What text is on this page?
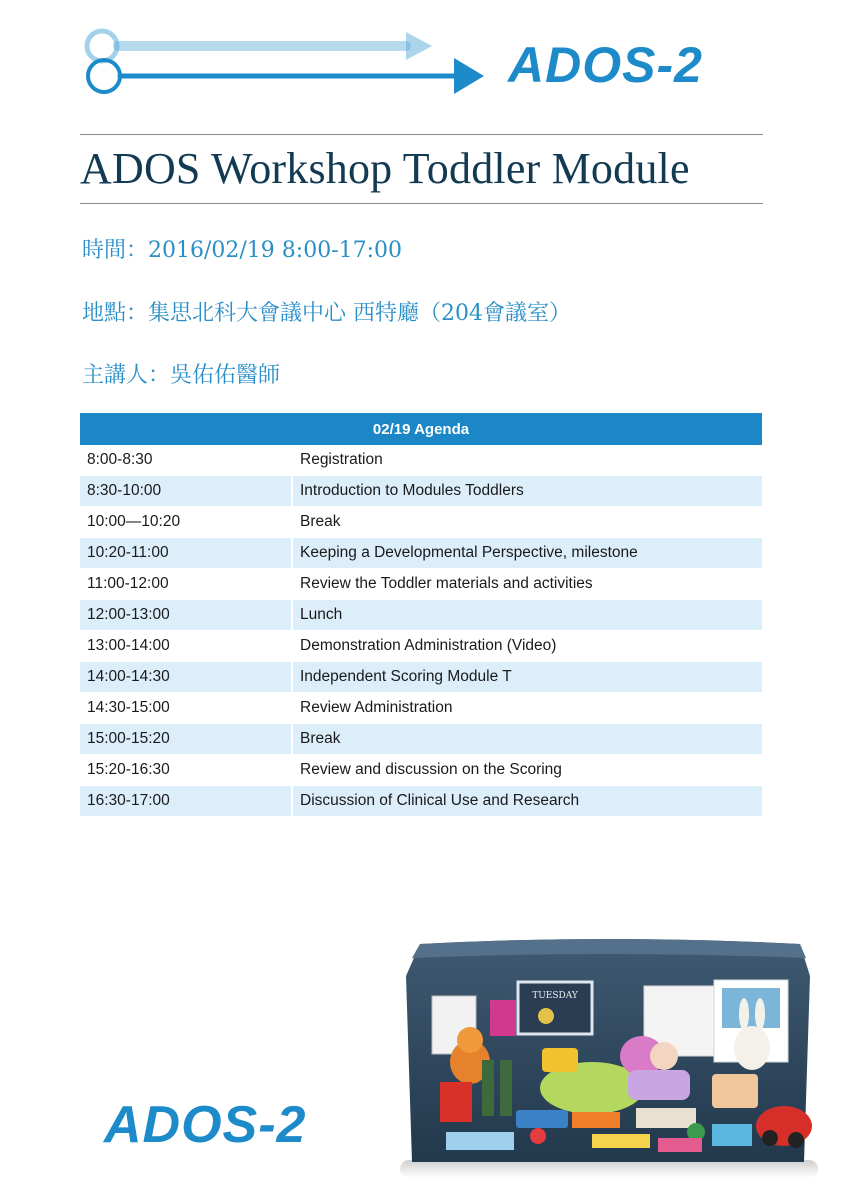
ADOS-2
ADOS Workshop Toddler Module
時間：2016/02/19 8:00-17:00
地點：集思北科大會議中心 西特廳（204會議室）
主講人：吳佑佑醫師
02/19 Agenda	
8:00-8:30	Registration
8:30-10:00	Introduction to Modules Toddlers
10:00—10:20	Break
10:20-11:00	Keeping a Developmental Perspective, milestone
11:00-12:00	Review the Toddler materials and activities
12:00-13:00	Lunch
13:00-14:00	Demonstration Administration (Video)
14:00-14:30	Independent Scoring Module T
14:30-15:00	Review Administration
15:00-15:20	Break
15:20-16:30	Review and discussion on the Scoring
16:30-17:00	Discussion of Clinical Use and Research
TUESDAY
ADOS-2
